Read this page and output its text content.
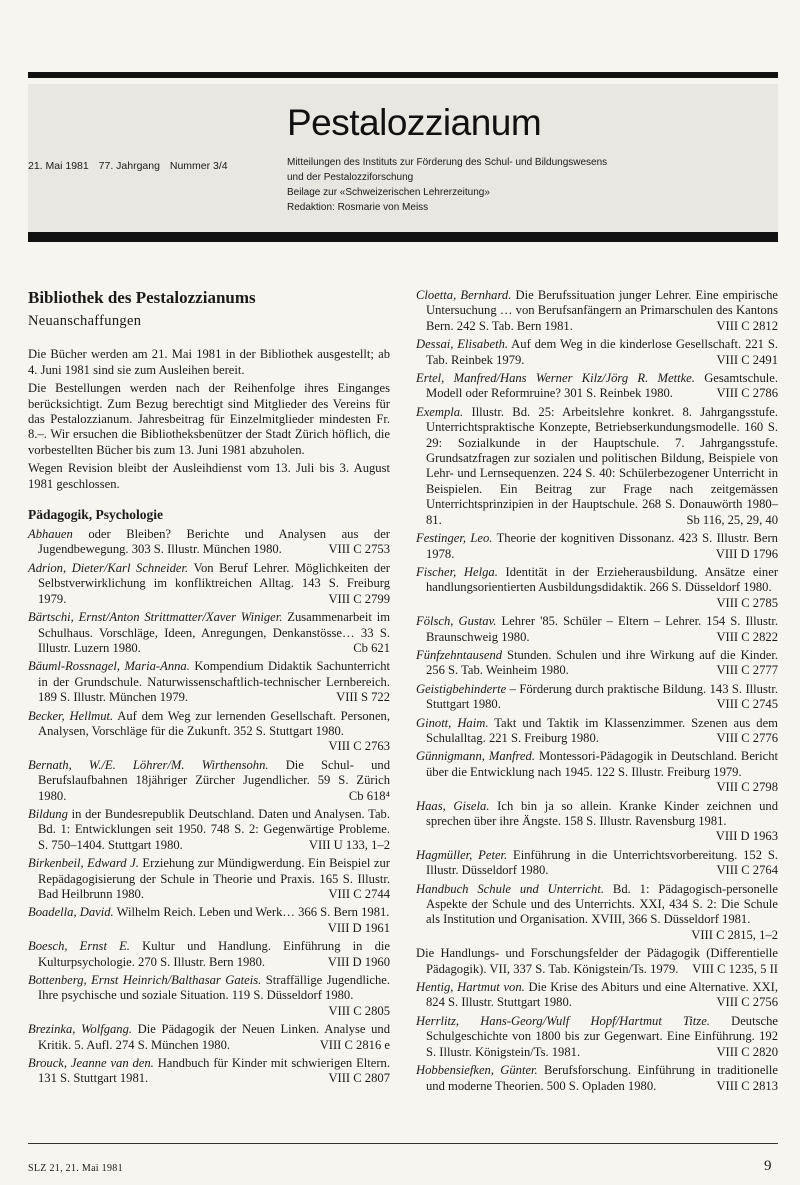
Pestalozzianum
21. Mai 1981 77. Jahrgang Nummer 3/4	Mitteilungen des Instituts zur Förderung des Schul- und Bildungswesens
und der Pestalozziforschung
Beilage zur «Schweizerischen Lehrerzeitung»
Redaktion: Rosmarie von Meiss
Bibliothek des Pestalozzianums
Neuanschaffungen

Die Bücher werden am 21. Mai 1981 in der Bibliothek ausgestellt; ab 4. Juni 1981 sind sie zum Ausleihen bereit.

Die Bestellungen werden nach der Reihenfolge ihres Einganges berücksichtigt. Zum Bezug berechtigt sind Mitglieder des Vereins für das Pestalozzianum. Jahresbeitrag für Einzelmitglieder mindesten Fr. 8.–. Wir ersuchen die Bibliotheksbenützer der Stadt Zürich höflich, die vorbestellten Bücher bis zum 13. Juni 1981 abzuholen.

Wegen Revision bleibt der Ausleihdienst vom 13. Juli bis 3. August 1981 geschlossen.

Pädagogik, Psychologie

Abhauen oder Bleiben? Berichte und Analysen aus der Jugendbewegung. 303 S. Illustr. München 1980.	VIII C 2753

Adrion, Dieter/Karl Schneider. Von Beruf Lehrer. Möglichkeiten der Selbstverwirklichung im konfliktreichen Alltag. 143 S. Freiburg 1979.	VIII C 2799

Bärtschi, Ernst/Anton Strittmatter/Xaver Winiger. Zusammenarbeit im Schulhaus. Vorschläge, Ideen, Anregungen, Denkanstösse… 33 S. Illustr. Luzern 1980.	Cb 621

Bäuml-Rossnagel, Maria-Anna. Kompendium Didaktik Sachunterricht in der Grundschule. Naturwissenschaftlich-technischer Lernbereich. 189 S. Illustr. München 1979.	VIII S 722

Becker, Hellmut. Auf dem Weg zur lernenden Gesellschaft. Personen, Analysen, Vorschläge für die Zukunft. 352 S. Stuttgart 1980.
VIII C 2763

Bernath, W./E. Löhrer/M. Wirthensohn. Die Schul- und Berufslaufbahnen 18jähriger Zürcher Jugendlicher. 59 S. Zürich 1980.	Cb 618⁴

Bildung in der Bundesrepublik Deutschland. Daten und Analysen. Tab. Bd. 1: Entwicklungen seit 1950. 748 S. 2: Gegenwärtige Probleme. S. 750–1404. Stuttgart 1980.	VIII U 133, 1–2

Birkenbeil, Edward J. Erziehung zur Mündigwerdung. Ein Beispiel zur Repädagogisierung der Schule in Theorie und Praxis. 165 S. Illustr. Bad Heilbrunn 1980.	VIII C 2744

Boadella, David. Wilhelm Reich. Leben und Werk… 366 S. Bern 1981.
VIII D 1961

Boesch, Ernst E. Kultur und Handlung. Einführung in die Kulturpsychologie. 270 S. Illustr. Bern 1980.	VIII D 1960

Bottenberg, Ernst Heinrich/Balthasar Gateis. Straffällige Jugendliche. Ihre psychische und soziale Situation. 119 S. Düsseldorf 1980.
VIII C 2805

Brezinka, Wolfgang. Die Pädagogik der Neuen Linken. Analyse und Kritik. 5. Aufl. 274 S. München 1980.	VIII C 2816 e

Brouck, Jeanne van den. Handbuch für Kinder mit schwierigen Eltern. 131 S. Stuttgart 1981.	VIII C 2807

Cloetta, Bernhard. Die Berufssituation junger Lehrer. Eine empirische Untersuchung … von Berufsanfängern an Primarschulen des Kantons Bern. 242 S. Tab. Bern 1981.	VIII C 2812

Dessai, Elisabeth. Auf dem Weg in die kinderlose Gesellschaft. 221 S. Tab. Reinbek 1979.	VIII C 2491

Ertel, Manfred/Hans Werner Kilz/Jörg R. Mettke. Gesamtschule. Modell oder Reformruine? 301 S. Reinbek 1980.	VIII C 2786

Exempla. Illustr. Bd. 25: Arbeitslehre konkret. 8. Jahrgangsstufe. Unterrichtspraktische Konzepte, Betriebserkundungsmodelle. 160 S. 29: Sozialkunde in der Hauptschule. 7. Jahrgangsstufe. Grundsatzfragen zur sozialen und politischen Bildung, Beispiele von Lehr- und Lernsequenzen. 224 S. 40: Schülerbezogener Unterricht in Beispielen. Ein Beitrag zur Frage nach zeitgemässen Unterrichtsprinzipien in der Hauptschule. 268 S. Donauwörth 1980–81.	Sb 116, 25, 29, 40

Festinger, Leo. Theorie der kognitiven Dissonanz. 423 S. Illustr. Bern 1978.	VIII D 1796

Fischer, Helga. Identität in der Erzieherausbildung. Ansätze einer handlungsorientierten Ausbildungsdidaktik. 266 S. Düsseldorf 1980.
VIII C 2785

Fölsch, Gustav. Lehrer '85. Schüler – Eltern – Lehrer. 154 S. Illustr. Braunschweig 1980.	VIII C 2822

Fünfzehntausend Stunden. Schulen und ihre Wirkung auf die Kinder. 256 S. Tab. Weinheim 1980.	VIII C 2777

Geistigbehinderte – Förderung durch praktische Bildung. 143 S. Illustr. Stuttgart 1980.	VIII C 2745

Ginott, Haim. Takt und Taktik im Klassenzimmer. Szenen aus dem Schulalltag. 221 S. Freiburg 1980.	VIII C 2776

Günnigmann, Manfred. Montessori-Pädagogik in Deutschland. Bericht über die Entwicklung nach 1945. 122 S. Illustr. Freiburg 1979.
VIII C 2798

Haas, Gisela. Ich bin ja so allein. Kranke Kinder zeichnen und sprechen über ihre Ängste. 158 S. Illustr. Ravensburg 1981.
VIII D 1963

Hagmüller, Peter. Einführung in die Unterrichtsvorbereitung. 152 S. Illustr. Düsseldorf 1980.	VIII C 2764

Handbuch Schule und Unterricht. Bd. 1: Pädagogisch-personelle Aspekte der Schule und des Unterrichts. XXI, 434 S. 2: Die Schule als Institution und Organisation. XVIII, 366 S. Düsseldorf 1981.
VIII C 2815, 1–2

Die Handlungs- und Forschungsfelder der Pädagogik (Differentielle Pädagogik). VII, 337 S. Tab. Königstein/Ts. 1979. VIII C 1235, 5 II

Hentig, Hartmut von. Die Krise des Abiturs und eine Alternative. XXI, 824 S. Illustr. Stuttgart 1980.	VIII C 2756

Herrlitz, Hans-Georg/Wulf Hopf/Hartmut Titze. Deutsche Schulgeschichte von 1800 bis zur Gegenwart. Eine Einführung. 192 S. Illustr. Königstein/Ts. 1981.	VIII C 2820

Hobbensiefken, Günter. Berufsforschung. Einführung in traditionelle und moderne Theorien. 500 S. Opladen 1980.	VIII C 2813

SLZ 21, 21. Mai 1981	9
